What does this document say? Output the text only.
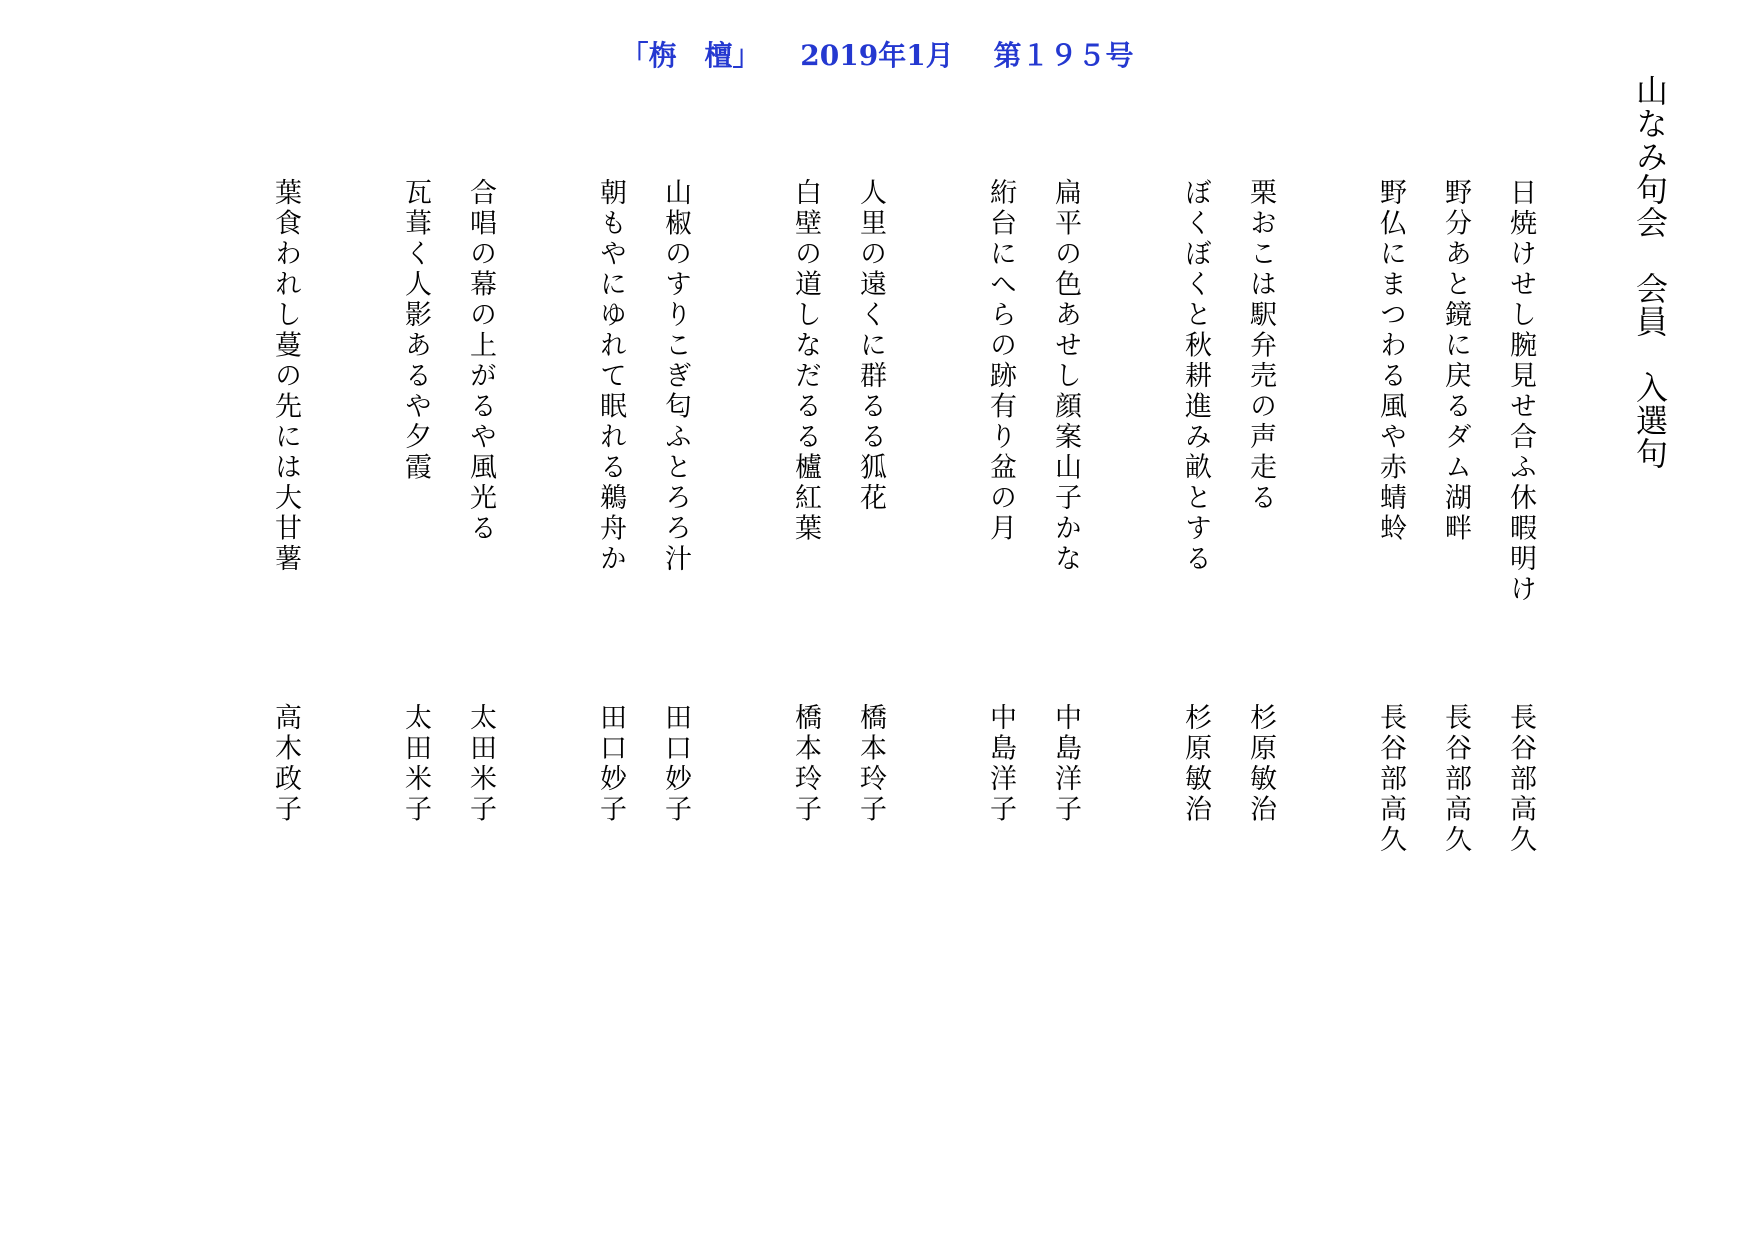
「栴　檀」 2019年1月 第１９５号
山なみ句会　会員　入選句
日焼けせし腕見せ合ふ休暇明け
長谷部高久
野分あと鏡に戻るダム湖畔
長谷部高久
野仏にまつわる風や赤蜻蛉
長谷部高久
栗おこは駅弁売の声走る
杉原敏治
ぼくぼくと秋耕進み畝とする
杉原敏治
扁平の色あせし顔案山子かな
中島洋子
絎台にへらの跡有り盆の月
中島洋子
人里の遠くに群るる狐花
橋本玲子
白壁の道しなだるる櫨紅葉
橋本玲子
山椒のすりこぎ匂ふとろろ汁
田口妙子
朝もやにゆれて眠れる鵜舟か
田口妙子
合唱の幕の上がるや風光る
太田米子
瓦葺く人影あるや夕霞
太田米子
葉食われし蔓の先には大甘薯
高木政子
